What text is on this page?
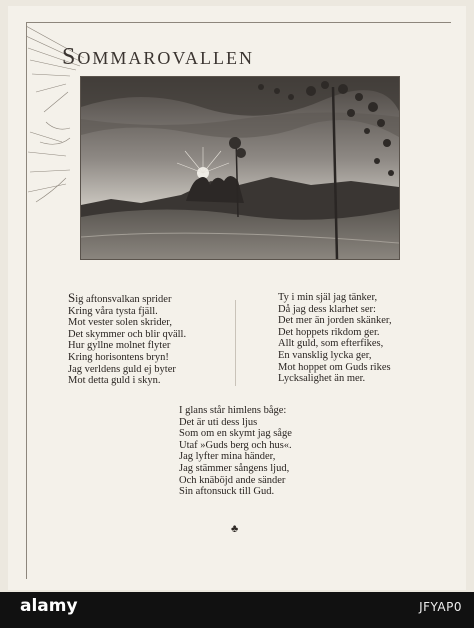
SOMMAROVALLEN
Sig aftonsvalkan sprider
Kring våra tysta fjäll.
Mot vester solen skrider,
Det skymmer och blir qväll.
Hur gyllne molnet flyter
Kring horisontens bryn!
Jag verldens guld ej byter
Mot detta guld i skyn.
Ty i min själ jag tänker,
Då jag dess klarhet ser:
Det mer än jorden skänker,
Det hoppets rikdom ger.
Allt guld, som efterfikes,
En vansklig lycka ger,
Mot hoppet om Guds rikes
Lycksalighet än mer.
I glans står himlens båge:
Det är uti dess ljus
Som om en skymt jag såge
Utaf »Guds berg och hus«.
Jag lyfter mina händer,
Jag stämmer sångens ljud,
Och knäböjd ande sänder
Sin aftonsuck till Gud.
♣
alamy	JFYAP0
